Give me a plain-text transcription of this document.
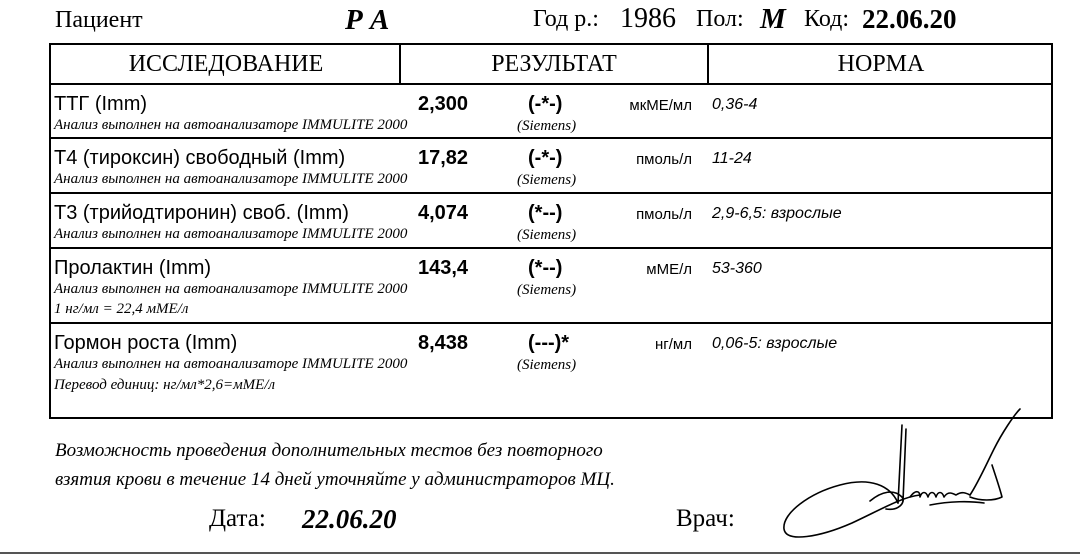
Пациент	Р А	Год р.: 1986 Пол: М Код: 22.06.20
ИССЛЕДОВАНИЕ	РЕЗУЛЬТАТ	НОРМА
ТТГ (Imm)	2,300	(-*-)	мкМЕ/мл 0,36-4
Анализ выполнен на автоанализаторе IMMULITE 2000	(Siemens)
Т4 (тироксин) свободный (Imm)	17,82	(-*-)	пмоль/л 11-24
Анализ выполнен на автоанализаторе IMMULITE 2000	(Siemens)
Т3 (трийодтиронин) своб. (Imm)	4,074	(*--)	пмоль/л 2,9-6,5: взрослые
Анализ выполнен на автоанализаторе IMMULITE 2000	(Siemens)
Пролактин (Imm)	143,4	(*--)	мМЕ/л 53-360
Анализ выполнен на автоанализаторе IMMULITE 2000	(Siemens)
1 нг/мл = 22,4 мМЕ/л
Гормон роста (Imm)	8,438	(---)*	нг/мл 0,06-5: взрослые
Анализ выполнен на автоанализаторе IMMULITE 2000	(Siemens)
Перевод единиц: нг/мл*2,6=мМЕ/л
Возможность проведения дополнительных тестов без повторного
взятия крови в течение 14 дней уточняйте у администраторов МЦ.
Дата: 22.06.20	Врач:
